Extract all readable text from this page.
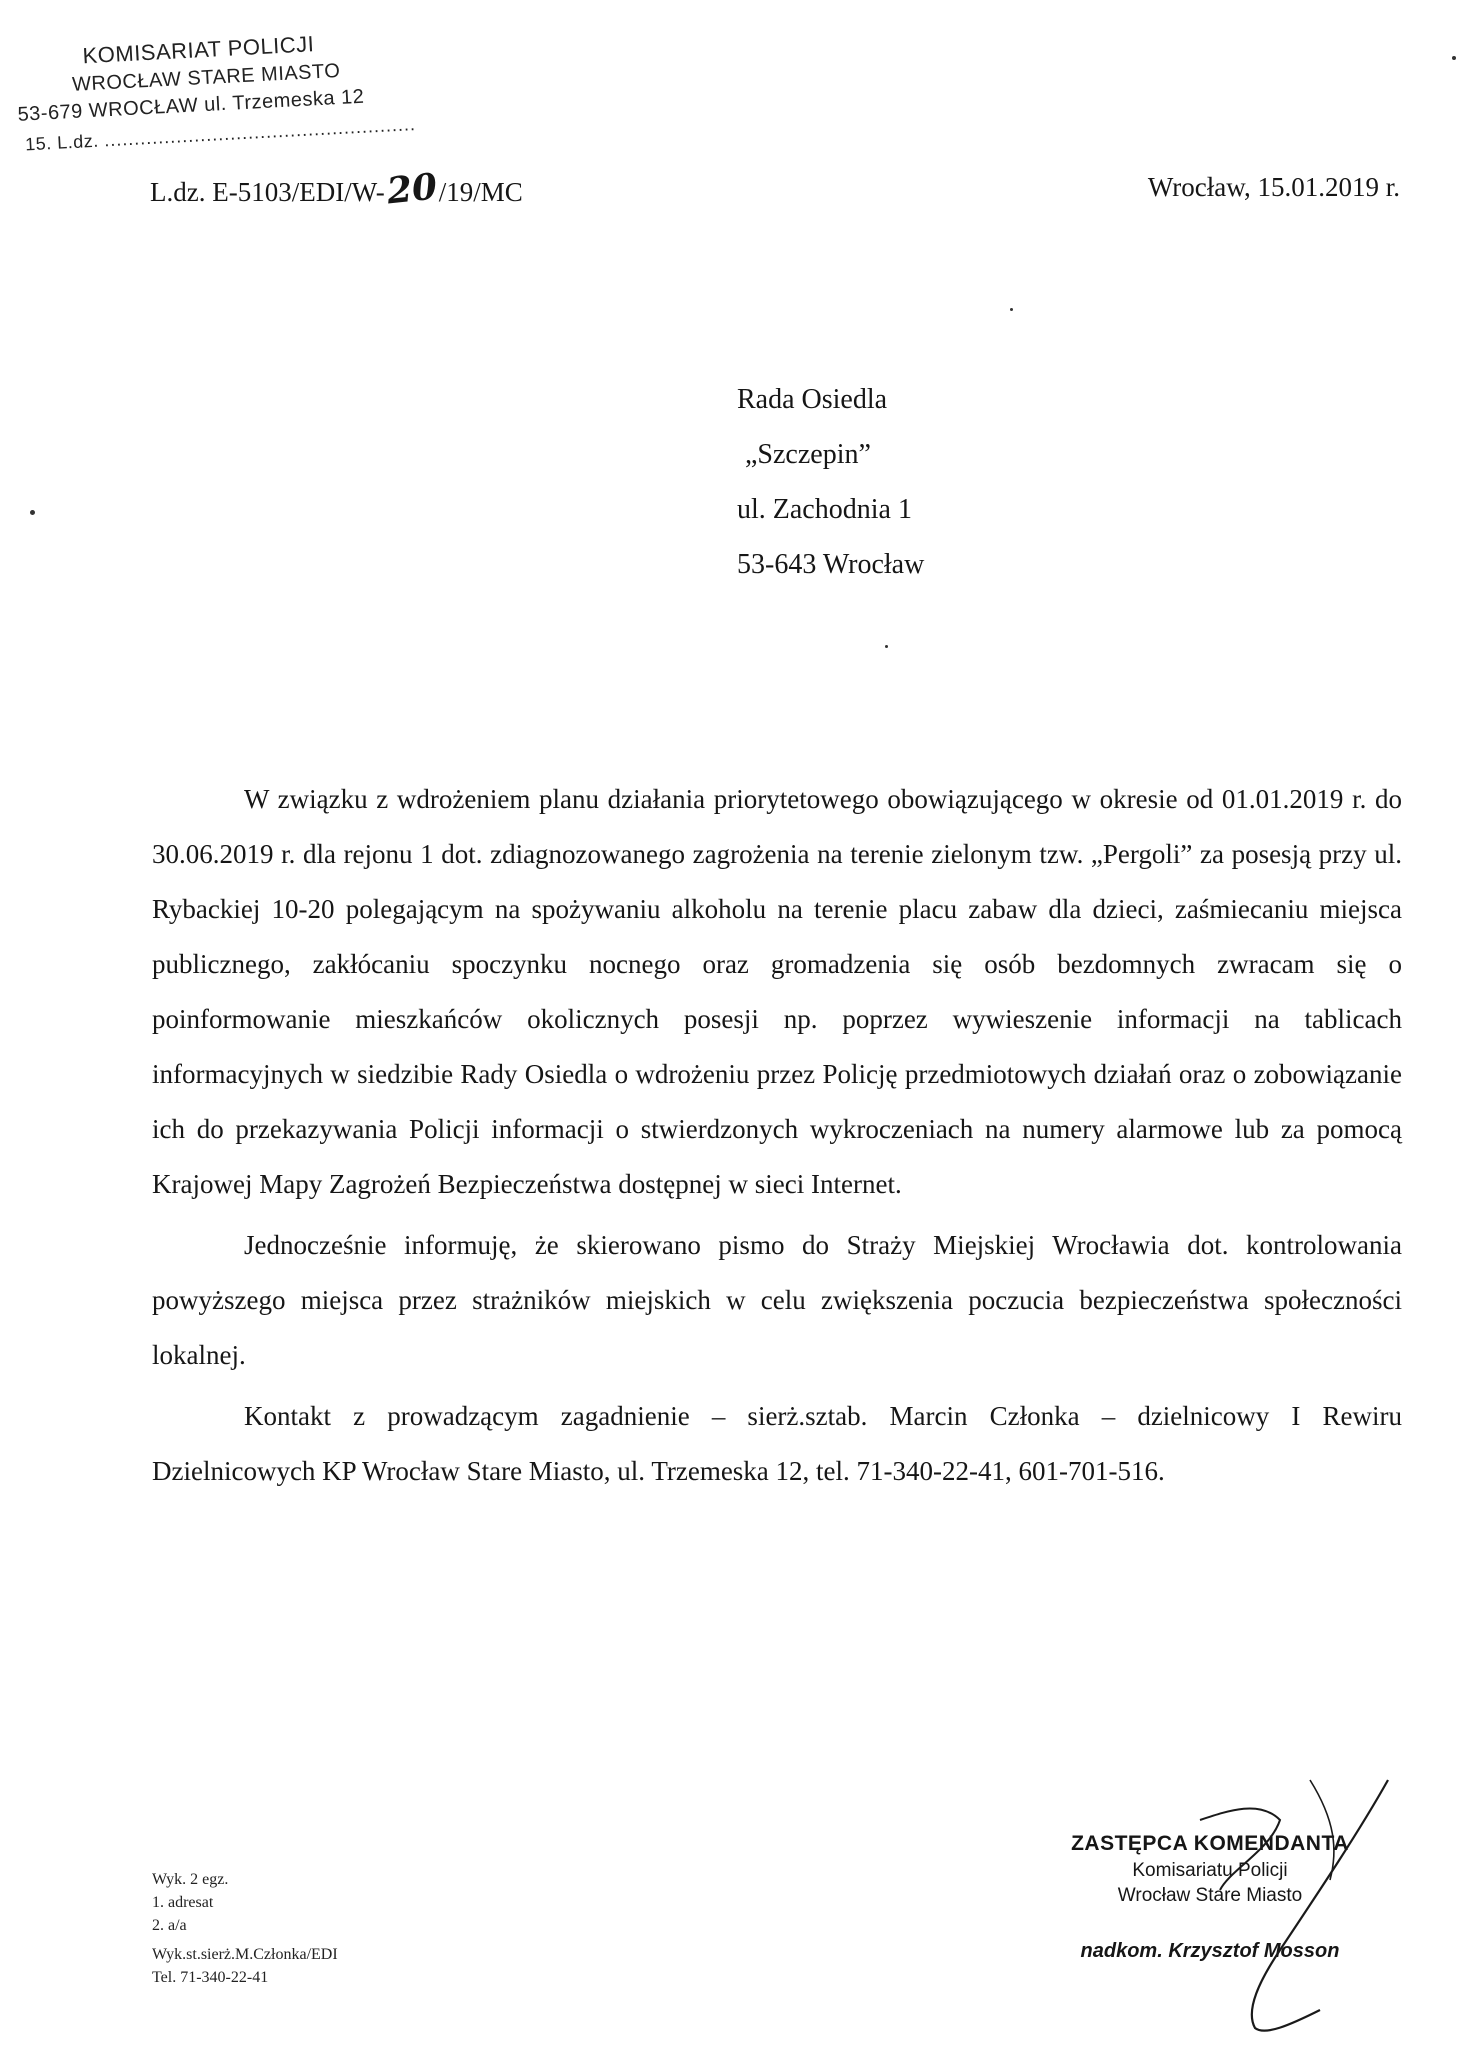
KOMISARIAT POLICJI
WROCŁAW STARE MIASTO
53-679 WROCŁAW ul. Trzemeska 12
15. L.dz. ....................................................
L.dz. E-5103/EDI/W-20/19/MC	Wrocław, 15.01.2019 r.
Rada Osiedla
„Szczepin”
ul. Zachodnia 1
53-643 Wrocław

W związku z wdrożeniem planu działania priorytetowego obowiązującego w okresie od 01.01.2019 r. do 30.06.2019 r. dla rejonu 1 dot. zdiagnozowanego zagrożenia na terenie zielonym tzw. „Pergoli” za posesją przy ul. Rybackiej 10-20 polegającym na spożywaniu alkoholu na terenie placu zabaw dla dzieci, zaśmiecaniu miejsca publicznego, zakłócaniu spoczynku nocnego oraz gromadzenia się osób bezdomnych zwracam się o poinformowanie mieszkańców okolicznych posesji np. poprzez wywieszenie informacji na tablicach informacyjnych w siedzibie Rady Osiedla o wdrożeniu przez Policję przedmiotowych działań oraz o zobowiązanie ich do przekazywania Policji informacji o stwierdzonych wykroczeniach na numery alarmowe lub za pomocą Krajowej Mapy Zagrożeń Bezpieczeństwa dostępnej w sieci Internet.

Jednocześnie informuję, że skierowano pismo do Straży Miejskiej Wrocławia dot. kontrolowania powyższego miejsca przez strażników miejskich w celu zwiększenia poczucia bezpieczeństwa społeczności lokalnej.

Kontakt z prowadzącym zagadnienie – sierż.sztab. Marcin Członka – dzielnicowy I Rewiru Dzielnicowych KP Wrocław Stare Miasto, ul. Trzemeska 12, tel. 71-340-22-41, 601-701-516.

ZASTĘPCA KOMENDANTA
Komisariatu Policji
Wrocław Stare Miasto
nadkom. Krzysztof Mosson
Wyk. 2 egz.
1. adresat
2. a/a
Wyk.st.sierż.M.Członka/EDI
Tel. 71-340-22-41
